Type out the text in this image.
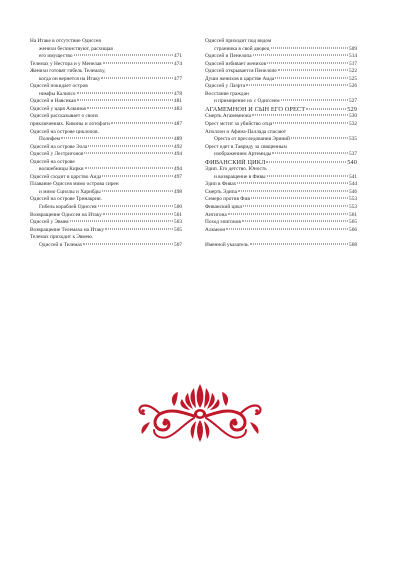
На Итаке в отсутствие Одиссея
женихи бесчинствуют, расхищая
его имущество	471
Телемах у Нестора и у Менелая	474
Женихи готовят гибель Телемаху,
когда он вернется на Итаку	477
Одиссей покидает остров
нимфы Калипсо	478
Одиссей и Навсикая	481
Одиссей у царя Алкиноя	483
Одиссей рассказывает о своих
приключениях. Киконы и лотофаги	487
Одиссей на острове циклопов.
Полифем	489
Одиссей на острове Эола	492
Одиссей у Лестригонов	494
Одиссей на острове
волшебницы Кирки	494
Одиссей сходит в царство Аида	497
Плавание Одиссея мимо острова сирен
и мимо Сциллы и Харибды	498
Одиссей на острове Тринакрии.
Гибель кораблей Одиссея	500
Возвращение Одиссея на Итаку	501
Одиссей у Эвмея	503
Возвращение Телемаха на Итаку	505
Телемах приходит к Эвмею.
Одиссей и Телемах	507
Одиссей приходит под видом
странника в свой дворец	509
Одиссей и Пенелопа	514
Одиссей избивает женихов	517
Одиссей открывается Пенелопе	522
Души женихов в царстве Аида	525
Одиссей у Лаэрта	526
Восстание граждан
и примирение их с Одиссеем	527
АГАМЕМНОН И СЫН ЕГО ОРЕСТ	529
Смерть Агамемнона	530
Орест мстит за убийство отца	532
Аполлон и Афина-Паллада спасают
Ореста от преследования Эриний	535
Орест едет в Тавриду за священным
изображением Артемиды	537
ФИВАНСКИЙ ЦИКЛ	540
Эдип. Его детство. Юность
и возвращение в Фивы	541
Эдип в Фивах	544
Смерть Эдипа	546
Семеро против Фив	553
Фиванский цикл	553
Антигона	561
Поход эпигонов	565
Алкмеон	566
Именной указатель	568
